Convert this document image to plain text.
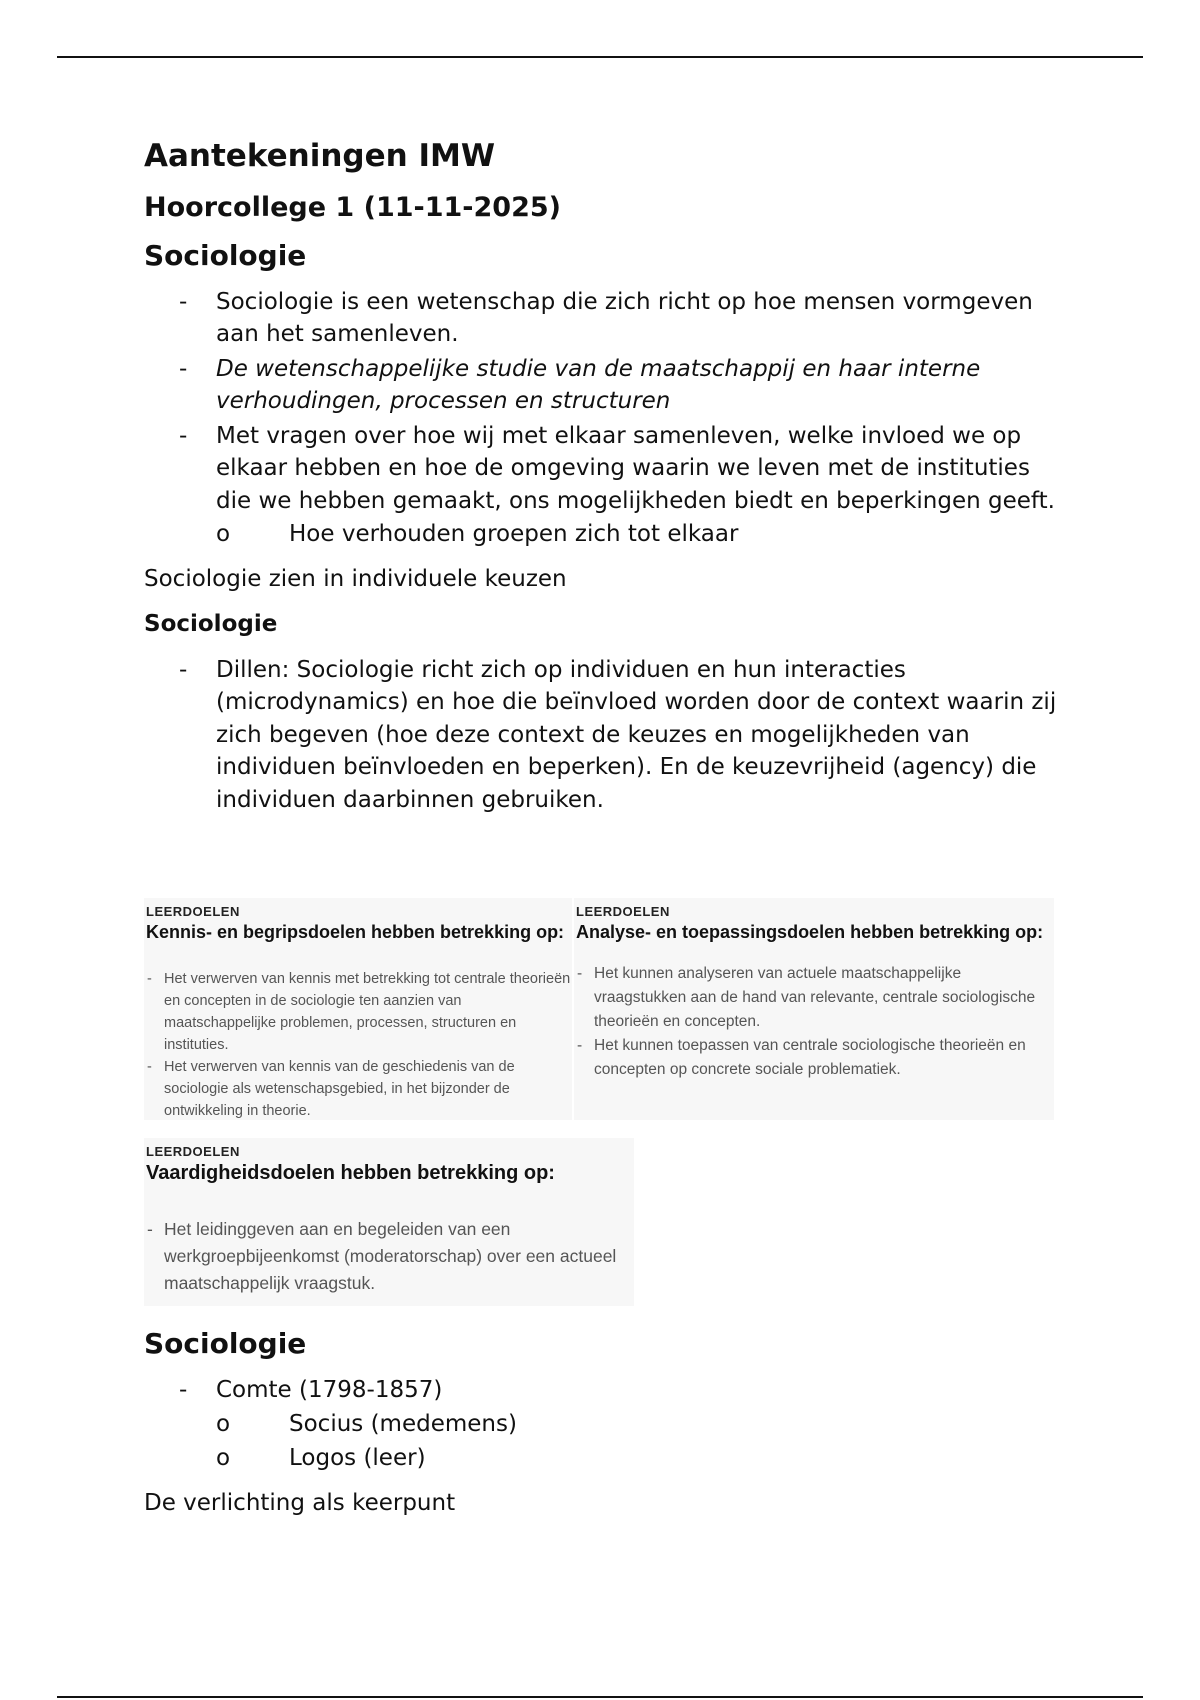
Aantekeningen IMW
Hoorcollege 1 (11-11-2025)
Sociologie
- Sociologie is een wetenschap die zich richt op hoe mensen vormgeven aan het samenleven.
- De wetenschappelijke studie van de maatschappij en haar interne verhoudingen, processen en structuren
- Met vragen over hoe wij met elkaar samenleven, welke invloed we op elkaar hebben en hoe de omgeving waarin we leven met de instituties die we hebben gemaakt, ons mogelijkheden biedt en beperkingen geeft.
o	Hoe verhouden groepen zich tot elkaar

Sociologie zien in individuele keuzen

Sociologie
- Dillen: Sociologie richt zich op individuen en hun interacties (microdynamics) en hoe die beïnvloed worden door de context waarin zij zich begeven (hoe deze context de keuzes en mogelijkheden van individuen beïnvloeden en beperken). En de keuzevrijheid (agency) die individuen daarbinnen gebruiken.
LEERDOELEN
Kennis- en begripsdoelen hebben betrekking op:
- Het verwerven van kennis met betrekking tot centrale theorieën en concepten in de sociologie ten aanzien van maatschappelijke problemen, processen, structuren en instituties.
- Het verwerven van kennis van de geschiedenis van de sociologie als wetenschapsgebied, in het bijzonder de ontwikkeling in theorie.
LEERDOELEN
Analyse- en toepassingsdoelen hebben betrekking op:
- Het kunnen analyseren van actuele maatschappelijke vraagstukken aan de hand van relevante, centrale sociologische theorieën en concepten.
- Het kunnen toepassen van centrale sociologische theorieën en concepten op concrete sociale problematiek.
LEERDOELEN
Vaardigheidsdoelen hebben betrekking op:
- Het leidinggeven aan en begeleiden van een werkgroepbijeenkomst (moderatorschap) over een actueel maatschappelijk vraagstuk.
Sociologie
- Comte (1798-1857)
o	Socius (medemens)
o	Logos (leer)

De verlichting als keerpunt
